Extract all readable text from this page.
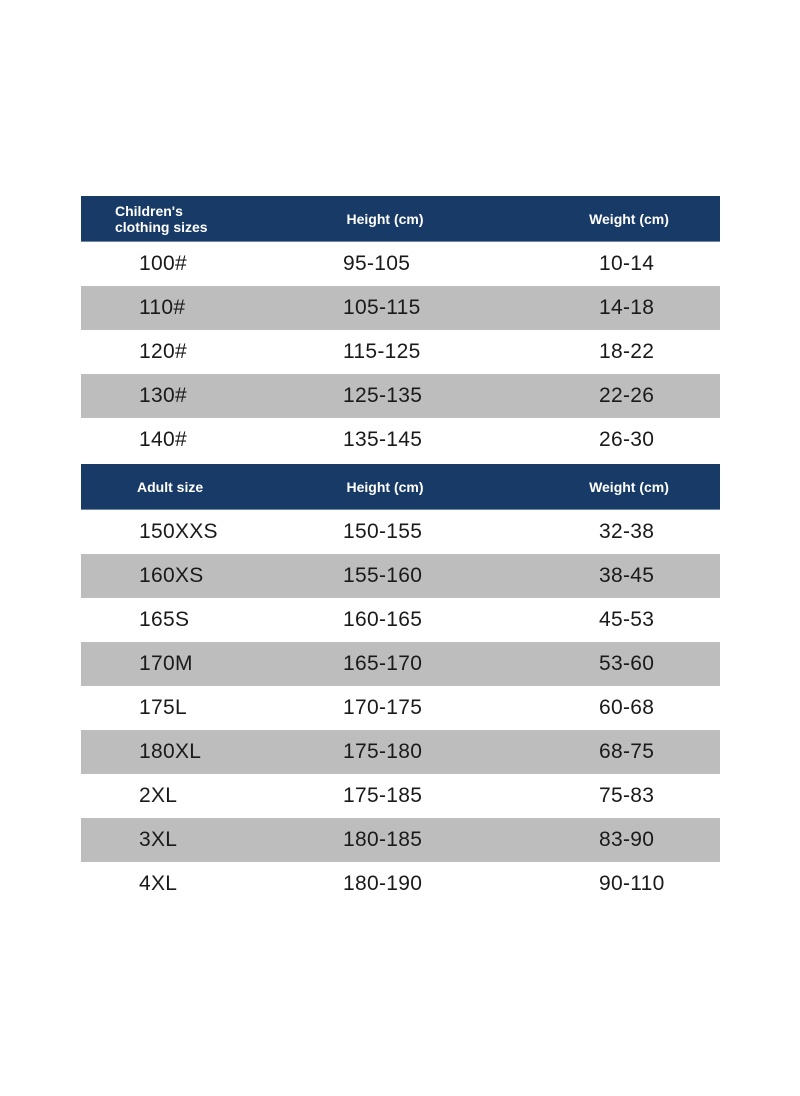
Children's
clothing sizes	Height (cm)	Weight (cm)
100#	95-105	10-14
110#	105-115	14-18
120#	115-125	18-22
130#	125-135	22-26
140#	135-145	26-30
Adult size	Height (cm)	Weight (cm)
150XXS	150-155	32-38
160XS	155-160	38-45
165S	160-165	45-53
170M	165-170	53-60
175L	170-175	60-68
180XL	175-180	68-75
2XL	175-185	75-83
3XL	180-185	83-90
4XL	180-190	90-110
